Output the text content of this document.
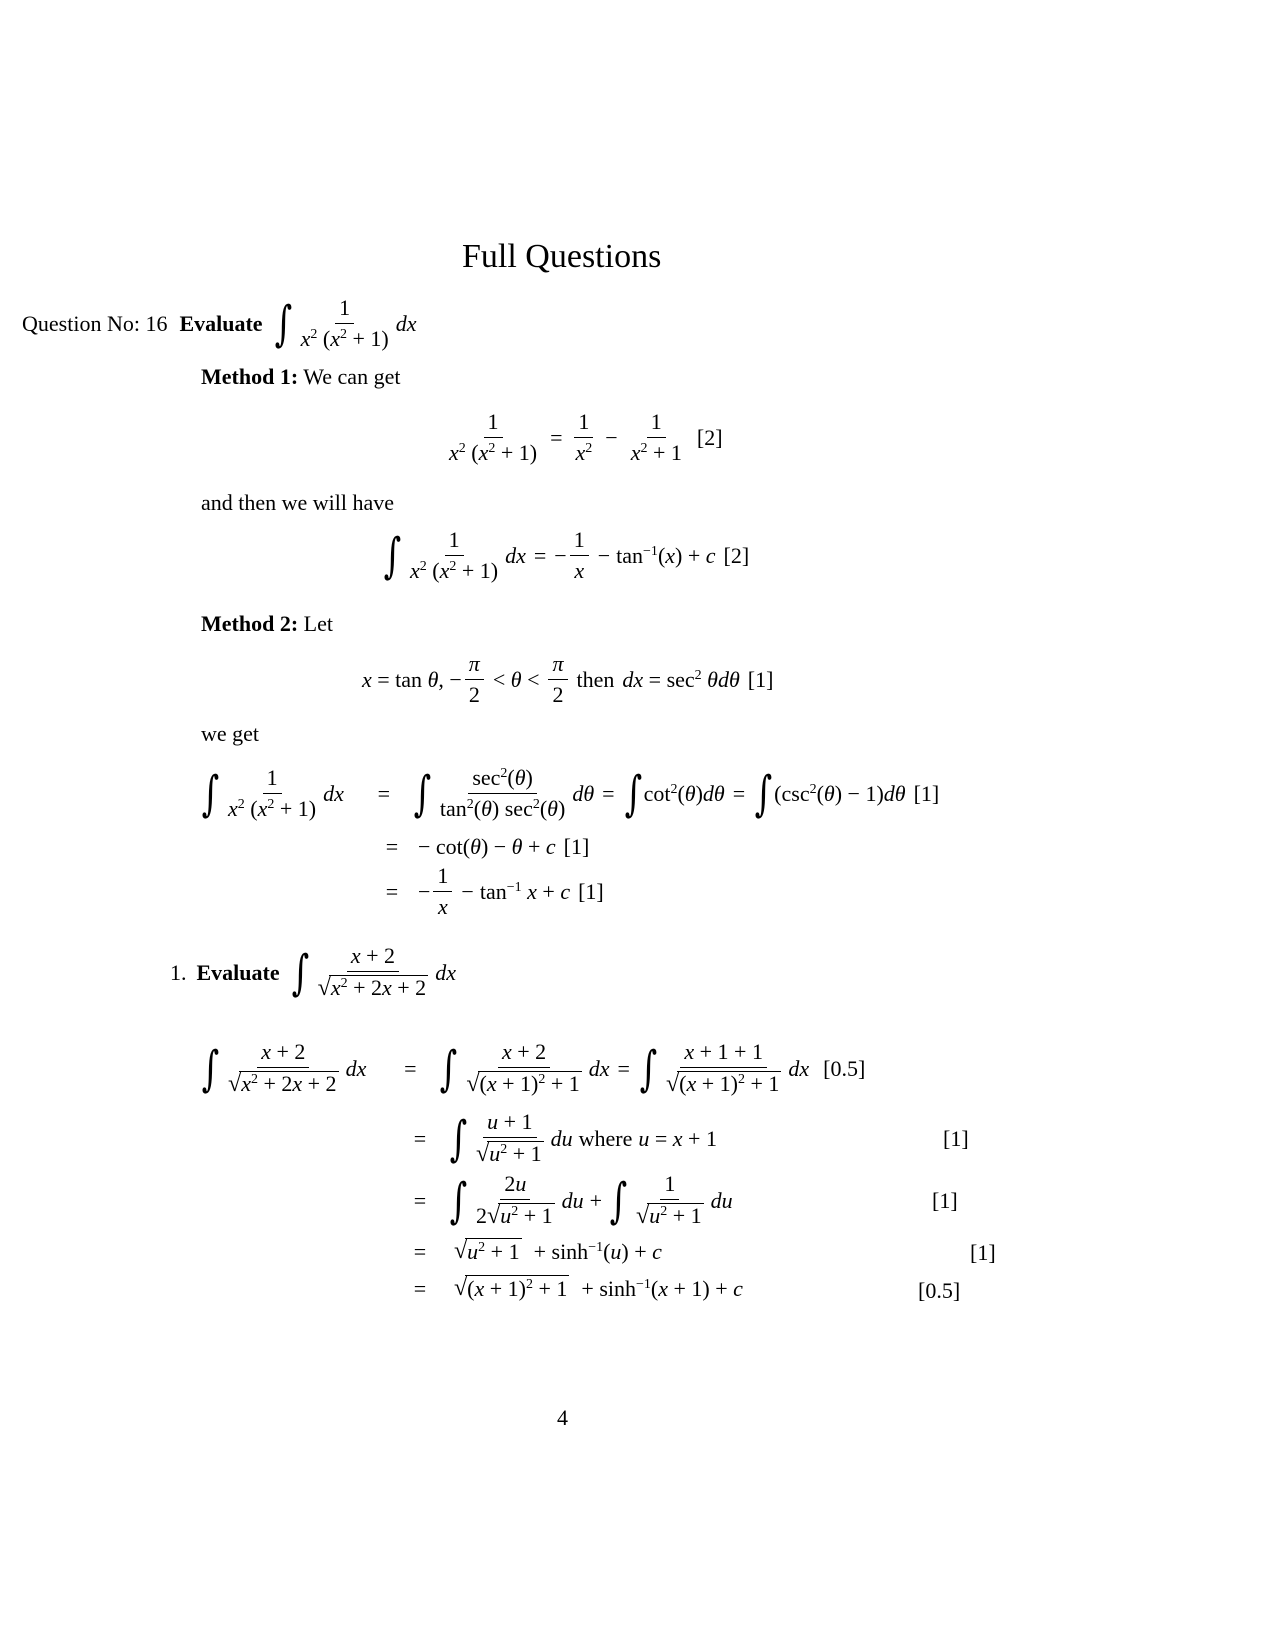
Full Questions
Question No: 16 Evaluate ∫ $\frac{1}{x^2 (x^2 + 1)}$ dx
Method 1: We can get
$\frac{1}{x^2 (x^2 + 1)} = \frac{1}{x^2} - \frac{1}{x^2 + 1} [2]$
and then we will have
∫ $\frac{1}{x^2 (x^2 + 1)}$ dx = − $\frac{1}{x} - \tan^{-1}(x) + c$ [2]
Method 2: Let
x = tan θ, − $\frac{\pi}{2} < \theta < \frac{\pi}{2}$ then dx = $\sec^2 \theta d\theta$ [1]
we get
∫ $\frac{1}{x^2 (x^2 + 1)}$ dx	= ∫ $\frac{\sec^2(\theta)}{\tan^2(\theta) \sec^2(\theta)}$ dθ = ∫ $\cot^2(\theta)d\theta$ = ∫ $(\csc^2(\theta) - 1)d\theta$ [1]
= − cot(θ) − θ + c [1]
= − $\frac{1}{x} - \tan^{-1} x + c$ [1]
1. Evaluate ∫ $\frac{x + 2}{√x^2 + 2x + 2}$ dx
∫ $\frac{x + 2}{√x^2 + 2x + 2}$ dx	= ∫ $\frac{x + 2}{√(x + 1)^2 + 1}$ dx = ∫ $\frac{x + 1 + 1}{√(x + 1)^2 + 1}$ dx [0.5]
= ∫ $\frac{u + 1}{√u^2 + 1}$ du where u = x + 1	[1]
= ∫ $\frac{2u}{2√u^2 + 1}$ du + ∫ $\frac{1}{√u^2 + 1}$ du	[1]
=	√ $u^2 + 1 + \sinh^{-1}(u) + c$	[1]
=	√ $(x + 1)^2 + 1 + \sinh^{-1}(x + 1) + c$	[0.5]
4
